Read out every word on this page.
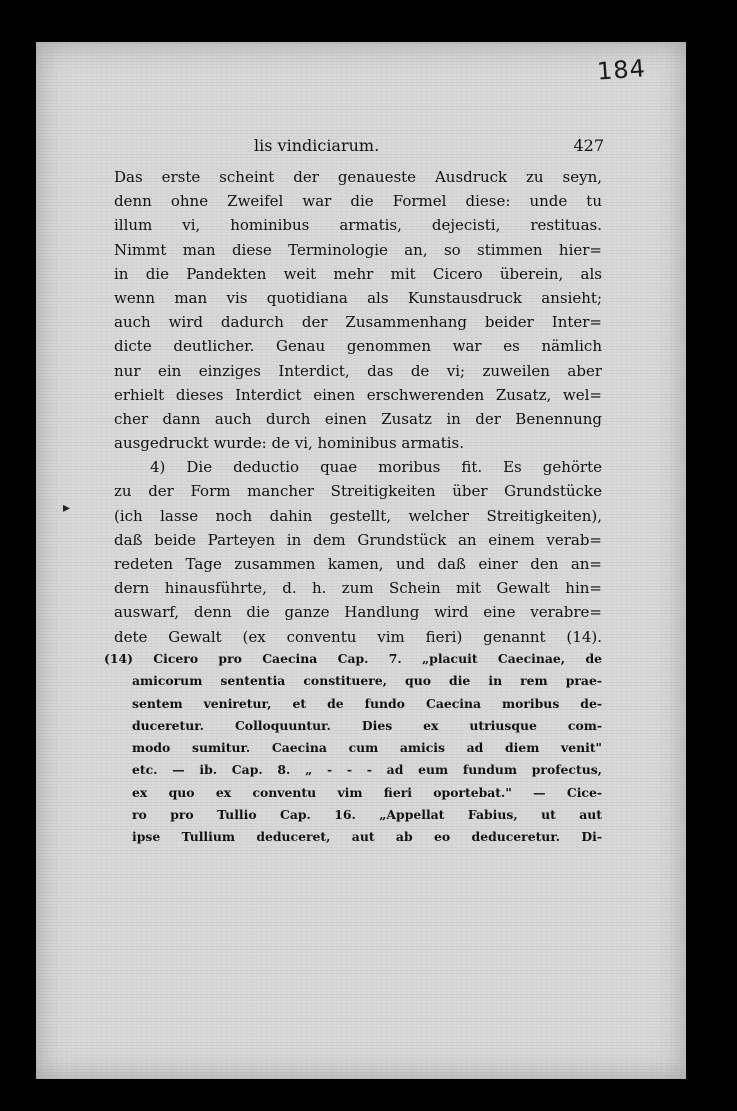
184
▸
lis vindiciarum.	427
Das erste scheint der genaueste Ausdruck zu seyn,
denn ohne Zweifel war die Formel diese: unde tu
illum vi, hominibus armatis, dejecisti, restituas.
Nimmt man diese Terminologie an, so stimmen hier=
in die Pandekten weit mehr mit Cicero überein, als
wenn man vis quotidiana als Kunstausdruck ansieht;
auch wird dadurch der Zusammenhang beider Inter=
dicte deutlicher. Genau genommen war es nämlich
nur ein einziges Interdict, das de vi; zuweilen aber
erhielt dieses Interdict einen erschwerenden Zusatz, wel=
cher dann auch durch einen Zusatz in der Benennung
ausgedruckt wurde: de vi, hominibus armatis.
4) Die deductio quae moribus fit. Es gehörte
zu der Form mancher Streitigkeiten über Grundstücke
(ich lasse noch dahin gestellt, welcher Streitigkeiten),
daß beide Parteyen in dem Grundstück an einem verab=
redeten Tage zusammen kamen, und daß einer den an=
dern hinausführte, d. h. zum Schein mit Gewalt hin=
auswarf, denn die ganze Handlung wird eine verabre=
dete Gewalt (ex conventu vim fieri) genannt (14).
(14) Cicero pro Caecina Cap. 7. „placuit Caecinae, de
amicorum sententia constituere, quo die in rem prae-
sentem veniretur, et de fundo Caecina moribus de-
duceretur. Colloquuntur. Dies ex utriusque com-
modo sumitur. Caecina cum amicis ad diem venit"
etc. — ib. Cap. 8. „ - - - ad eum fundum profectus,
ex quo ex conventu vim fieri oportebat." — Cice-
ro pro Tullio Cap. 16. „Appellat Fabius, ut aut
ipse Tullium deduceret, aut ab eo deduceretur. Di-
